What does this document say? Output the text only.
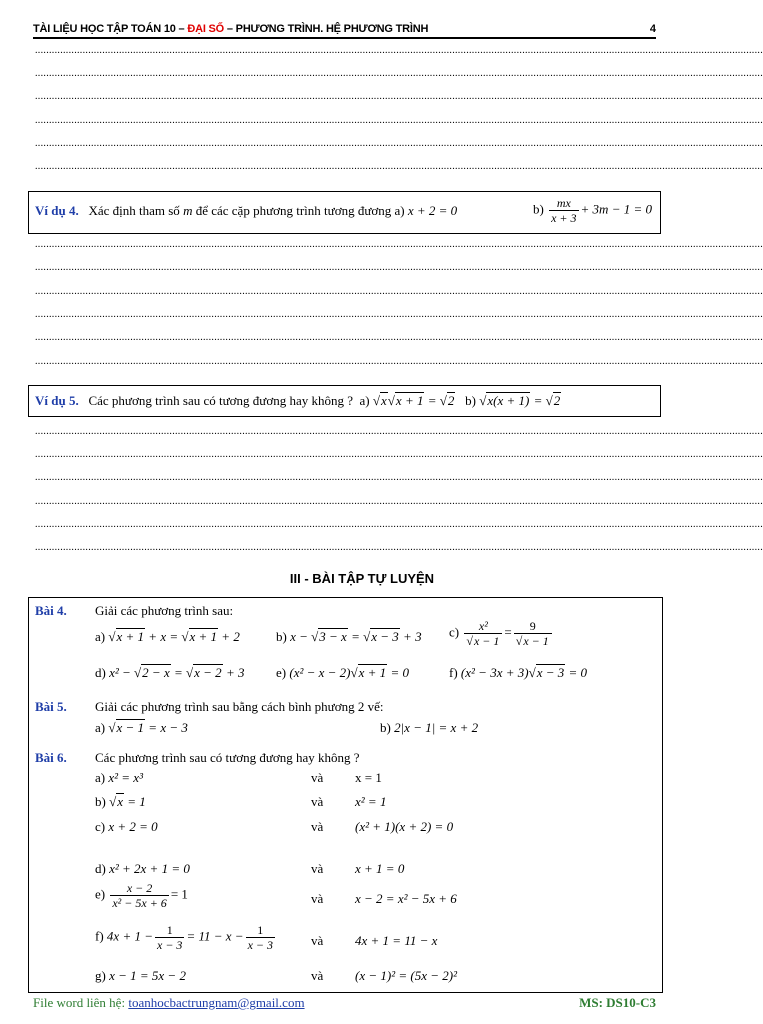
TÀI LIỆU HỌC TẬP TOÁN 10 – ĐẠI SỐ – PHƯƠNG TRÌNH. HỆ PHƯƠNG TRÌNH	4
....................................................................................................................................................................................................................................................................
....................................................................................................................................................................................................................................................................
....................................................................................................................................................................................................................................................................
....................................................................................................................................................................................................................................................................
....................................................................................................................................................................................................................................................................
....................................................................................................................................................................................................................................................................
Ví dụ 4. Xác định tham số m để các cặp phương trình tương đương a) x + 2 = 0	$b) \frac{mx}{x + 3} + 3m - 1 = 0$
....................................................................................................................................................................................................................................................................
....................................................................................................................................................................................................................................................................
....................................................................................................................................................................................................................................................................
....................................................................................................................................................................................................................................................................
....................................................................................................................................................................................................................................................................
....................................................................................................................................................................................................................................................................
Ví dụ 5. Các phương trình sau có tương đương hay không ? a) √x√x + 1 = √2 b) √x(x + 1) = √2
....................................................................................................................................................................................................................................................................
....................................................................................................................................................................................................................................................................
....................................................................................................................................................................................................................................................................
....................................................................................................................................................................................................................................................................
....................................................................................................................................................................................................................................................................
....................................................................................................................................................................................................................................................................
III - BÀI TẬP TỰ LUYỆN
Bài 4. Giải các phương trình sau:
a) √x + 1 + x = √x + 1 + 2	b) x − √3 − x = √x − 3 + 3 $c) \frac{\text{x²}}{√x - 1} = \frac{9}{√x - 1}$
d) x² − √2 − x = √x − 2 + 3 e) (x² − x − 2)√x + 1 = 0	f) (x² − 3x + 3)√x − 3 = 0
Bài 5. Giải các phương trình sau bằng cách bình phương 2 vế:
a) √x − 1 = x − 3	b) 2|x − 1| = x + 2
Bài 6. Các phương trình sau có tương đương hay không ?
a) x² = x³	và x = 1
b) √x = 1	và x² = 1
c) x + 2 = 0	và (x² + 1)(x + 2) = 0
d) x² + 2x + 1 = 0	và x + 1 = 0
$e) \frac{x - 2}{\text{x² − 5x + 6}} = 1$	và x − 2 = x² − 5x + 6
f) $4x + 1 - \frac{1}{x - 3} = 11 - x - \frac{1}{x - 3}$	và 4x + 1 = 11 − x
g) x − 1 = 5x − 2	và (x − 1)² = (5x − 2)²
File word liên hệ: toanhocbactrungnam@gmail.com	MS: DS10-C3
